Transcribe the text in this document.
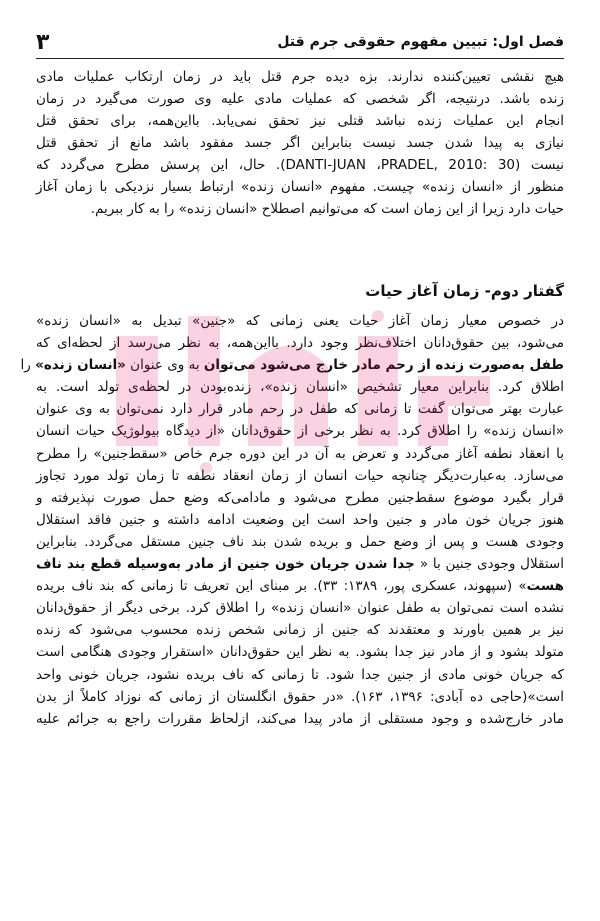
فصل اول: تبیین مفهوم حقوقی جرم قتل
۳
هیچ نقشی تعیین‌کننده ندارند. بزه دیده جرم قتل باید در زمان ارتکاب عملیات مادی
زنده باشد. درنتیجه، اگر شخصی که عملیات مادی علیه وی صورت می‌گیرد در زمان
انجام این عملیات زنده نباشد قتلی نیز تحقق نمی‌یابد. بااین‌همه، برای تحقق قتل
نیازی به پیدا شدن جسد نیست بنابراین اگر جسد مفقود باشد مانع از تحقق قتل
نیست (DANTI-JUAN ،PRADEL, 2010: 30). حال، این پرسش مطرح می‌گردد که
منظور از «انسان زنده» چیست. مفهوم «انسان زنده» ارتباط بسیار نزدیکی با زمان آغاز
حیات دارد زیرا از این زمان است که می‌توانیم اصطلاح «انسان زنده» را به کار ببریم.
گفتار دوم- زمان آغاز حیات
در خصوص معیار زمان آغاز حیات یعنی زمانی که «جنین» تبدیل به «انسان زنده»
می‌شود، بین حقوق‌دانان اختلاف‌نظر وجود دارد. بااین‌همه، به نظر می‌رسد از لحظه‌ای که
طفل به‌صورت زنده از رحم مادر خارج می‌شود می‌توان به وی عنوان «انسان زنده» را
اطلاق کرد. بنابراین معیار تشخیص «انسان زنده»، زنده‌بودن در لحظه‌ی تولد است. به
عبارت بهتر می‌توان گفت تا زمانی که طفل در رحم مادر قرار دارد نمی‌توان به وی عنوان
«انسان زنده» را اطلاق کرد. به نظر برخی از حقوق‌دانان «از دیدگاه بیولوژیک حیات انسان
با انعقاد نطفه آغاز می‌گردد و تعرض به آن در این دوره جرم خاص «سقط‌جنین» را مطرح
می‌سازد. به‌عبارت‌دیگر چنانچه حیات انسان از زمان انعقاد نطفه تا زمان تولد مورد تجاوز
قرار بگیرد موضوع سقط‌جنین مطرح می‌شود و مادامی‌که وضع حمل صورت نپذیرفته و
هنوز جریان خون مادر و جنین واحد است این وضعیت ادامه داشته و جنین فاقد استقلال
وجودی هست و پس از وضع حمل و بریده شدن بند ناف جنین مستقل می‌گردد. بنابراین
استقلال وجودی جنین با « جدا شدن جریان خون جنین از مادر به‌وسیله قطع بند ناف
هست» (سپهوند، عسکری پور، ۱۳۸۹: ۳۳). بر مبنای این تعریف تا زمانی که بند ناف بریده
نشده است نمی‌توان به طفل عنوان «انسان زنده» را اطلاق کرد. برخی دیگر از حقوق‌دانان
نیز بر همین باورند و معتقدند که جنین از زمانی شخص زنده محسوب می‌شود که زنده
متولد بشود و از مادر نیز جدا بشود. به نظر این حقوق‌دانان «استقرار وجودی هنگامی است
که جریان خونی مادی از جنین جدا شود. تا زمانی که ناف بریده نشود، جریان خونی واحد
است»(حاجی ده آبادی: ۱۳۹۶، ۱۶۳). «در حقوق انگلستان از زمانی که نوزاد کاملاً از بدن
مادر خارج‌شده و وجود مستقلی از مادر پیدا می‌کند، ازلحاظ مقررات راجع به جرائم علیه
